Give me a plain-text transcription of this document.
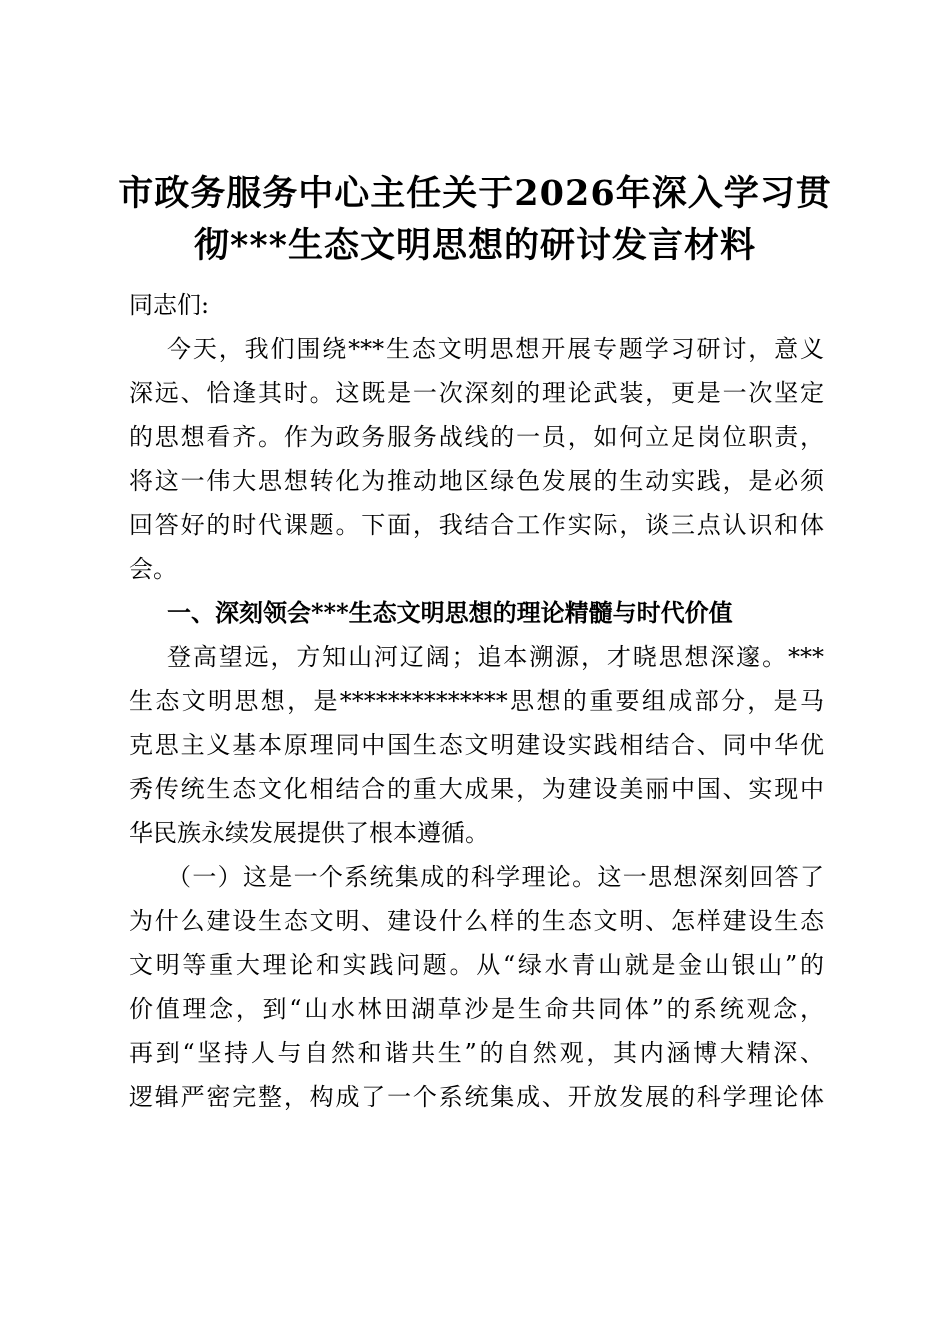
市政务服务中心主任关于2026年深入学习贯
彻***生态文明思想的研讨发言材料
同志们:
今天，我们围绕***生态文明思想开展专题学习研讨，意义
深远、恰逢其时。这既是一次深刻的理论武装，更是一次坚定
的思想看齐。作为政务服务战线的一员，如何立足岗位职责，
将这一伟大思想转化为推动地区绿色发展的生动实践，是必须
回答好的时代课题。下面，我结合工作实际，谈三点认识和体
会。
一、深刻领会***生态文明思想的理论精髓与时代价值
登高望远，方知山河辽阔；追本溯源，才晓思想深邃。***
生态文明思想，是**************思想的重要组成部分，是马
克思主义基本原理同中国生态文明建设实践相结合、同中华优
秀传统生态文化相结合的重大成果，为建设美丽中国、实现中
华民族永续发展提供了根本遵循。
（一）这是一个系统集成的科学理论。这一思想深刻回答了
为什么建设生态文明、建设什么样的生态文明、怎样建设生态
文明等重大理论和实践问题。从“绿水青山就是金山银山”的
价值理念，到“山水林田湖草沙是生命共同体”的系统观念，
再到“坚持人与自然和谐共生”的自然观，其内涵博大精深、
逻辑严密完整，构成了一个系统集成、开放发展的科学理论体
